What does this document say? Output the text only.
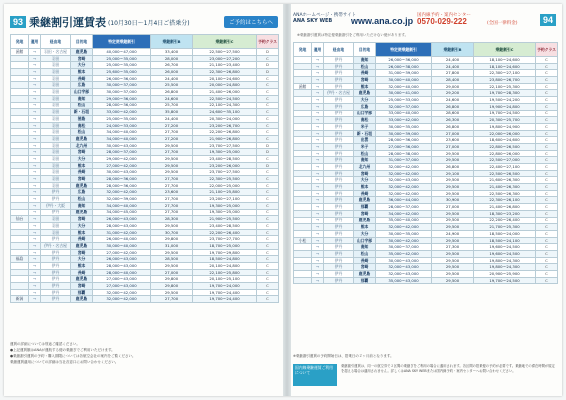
93 乗継割引運賃表 (10月30日～1月4日ご搭乗分)	ご予約はこちらへ
発地	適用	経由地	目的地	特定便乗継割引	乗継割引B	乗継割引C	予約クラス
函館	→	羽田・名古屋	鹿児島	40,000～47,000	33,400	22,500～27,500	D
	→	羽田	宮崎	25,000～35,000	28,000	23,000～27,200	C
	→	羽田	大分	25,000～35,000	26,700	21,100～23,400	D
	→	羽田	熊本	25,600～35,000	26,000	22,300～26,800	D
	→	羽田	長崎	26,000～36,000	24,400	20,100～24,600	C
	→	羽田	広島	30,000～37,000	25,500	20,000～24,800	C
	→	羽田	山口宇部	30,000～37,000	26,800	21,400～26,000	C
	→	羽田	高知	29,000～36,000	24,600	22,500～24,500	C
	→	羽田	松山	28,000～36,000	25,700	22,100～24,300	C
	→	羽田	新・石垣	33,000～42,000	35,800	24,600～35,100	C
	→	羽田	徳島	25,000～35,000	24,400	20,300～24,000	C
	→	羽田	高松	24,000～33,000	27,200	23,200～26,700	C
	→	羽田	松山	34,000～40,000	27,700	22,200～26,800	C
	→	羽田	鹿児島	34,000～40,000	27,200	21,900～26,800	C
	→	羽田	北九州	30,000～43,000	29,500	23,700～27,500	D
	→	羽田	宮崎	28,000～37,000	27,700	19,300～25,000	D
	→	羽田	大分	29,000～42,000	29,500	23,400～28,500	C
	→	羽田	熊本	27,000～42,000	29,500	23,200～26,000	D
	→	羽田	長崎	30,000～43,000	29,500	23,700～27,500	C
	→	羽田	宮崎	28,000～36,000	27,700	22,300～25,500	C
	→	羽田	鹿児島	28,000～36,000	27,700	22,000～25,000	C
	→	伊丹	広島	32,000～42,000	23,600	21,100～25,800	C
	→	伊丹	松山	32,000～39,000	27,700	23,200～27,100	C
	→	伊丹・大阪	高知	34,000～40,000	27,700	19,300～25,000	C
	→	伊丹	鹿児島	34,000～45,000	27,700	19,300～25,000	C
仙台	→	羽田	宮崎	26,000～43,000	28,300	21,900～25,500	C
	→	羽田	大分	28,000～43,000	29,500	23,400～28,500	C
	→	羽田	熊本	31,000～42,000	30,700	22,200～26,400	C
	→	伊丹	長崎	26,000～40,000	29,800	23,700～27,700	C
	→	伊丹・名古屋	鹿児島	30,000～40,000	31,000	18,700～25,000	C
	→	伊丹	宮崎	27,000～42,000	29,500	19,700～29,800	C
福島	→	伊丹	大分	26,000～43,000	28,500	18,500～24,800	C
	→	伊丹	熊本	28,000～43,000	29,500	20,100～24,800	C
	→	伊丹	長崎	28,000～40,000	27,000	22,100～25,800	C
	→	伊丹	鹿児島	27,000～43,000	29,800	20,100～25,100	C
	→	伊丹	宮崎	27,000～43,000	29,800	19,700～24,000	C
	→	伊丹	那覇	32,000～42,000	29,500	19,700～24,400	C
新潟	→	伊丹	鹿児島	32,000～42,000	27,700	19,700～24,400	C
運賃の詳細については別途ご確認ください。
●上記運賃額はANAが運航する便の乗継ぎでご利用いただけます。
●乗継割引運賃の予約・購入期限については各航空会社の案内をご覧ください。
乗継運賃適用についての詳細は当社各窓口にお問い合わせください。
ANAホームページ・携帯サイト
ANA SKY WEB www.ana.co.jp
国内線予約・案内センター
0570-029-222	(全国一律料金)	94
※乗継割引運賃は特定便乗継割引をご利用いただけない便があります。
発地	適用	経由地	目的地	特定便乗継割引	乗継割引B	乗継割引C	予約クラス
	→	伊丹	高知	26,000～36,000	24,400	18,100～24,600	C
	→	伊丹	松山	26,000～38,000	24,400	18,100～24,600	C
	→	伊丹	長崎	31,000～39,000	27,800	22,300～27,100	C
	→	伊丹	宮崎	30,000～40,000	28,400	23,800～26,700	C
函館	→	伊丹	熊本	32,000～40,000	29,000	22,100～25,300	C
	→	伊丹・名古屋	鹿児島	30,000～41,000	29,200	19,700～28,300	C
	→	伊丹	大分	25,000～33,000	24,600	19,500～24,200	C
	→	伊丹	広島	32,000～37,000	26,800	19,900～24,800	C
	→	伊丹	山口宇部	33,000～40,000	28,600	19,700～24,500	C
	→	伊丹	高松	33,000～42,000	26,300	20,300～25,700	C
	→	伊丹	米子	30,000～35,000	26,800	19,800～24,900	C
	→	伊丹	新・石垣	30,000～39,000	27,000	22,000～26,000	C
	→	伊丹	出雲	28,000～36,000	23,600	18,600～24,600	C
	→	伊丹	米子	27,000～36,000	27,000	22,800～26,500	C
	→	伊丹	松山	28,000～38,000	29,500	22,800～26,000	C
	→	伊丹	高知	31,000～37,000	29,500	22,500～27,000	C
	→	伊丹	北九州	32,000～42,000	26,800	22,400～27,100	C
	→	伊丹	宮崎	32,000～42,000	29,100	22,500～26,500	C
	→	伊丹	大分	32,000～43,000	29,500	21,600～26,300	C
	→	伊丹	熊本	32,000～42,000	29,500	21,400～26,300	C
	→	伊丹	長崎	32,000～42,000	29,500	22,500～26,300	C
	→	伊丹	鹿児島	36,000～44,000	30,900	22,300～26,100	C
	→	伊丹	那覇	28,000～37,000	27,000	21,400～26,800	C
	→	伊丹	宮崎	34,000～42,000	29,500	18,300～23,200	C
	→	伊丹	鹿児島	35,000～40,000	29,500	22,200～26,400	C
	→	伊丹	熊本	32,000～42,000	29,500	21,700～25,300	C
	→	伊丹	大分	30,000～35,000	24,900	18,500～24,000	C
小松	→	伊丹	山口宇部	30,000～42,000	29,500	18,500～24,100	C
	→	伊丹	高知	30,000～37,000	27,300	19,600～24,500	C
	→	伊丹	松山	35,000～42,000	29,500	19,600～24,500	C
	→	伊丹	長崎	30,000～43,000	29,500	19,800～24,300	C
	→	伊丹	宮崎	32,000～43,000	29,500	19,800～24,300	C
	→	伊丹	鹿児島	32,000～43,000	29,500	20,900～25,900	C
	→	伊丹	那覇	35,000～43,000	29,500	19,700～24,500	C
※乗継割引運賃の予約開始日は、搭乗日の２ヶ月前となります。
国内線乗継運賃ご利用について
乗継割引運賃は、同一の航空券で２区間の乗継ぎをご利用の場合に適用されます。各区間の搭乗便の予約が必要です。乗継地での滞在時間が規定を超える場合は適用されません。詳しくはANA SKY WEBまたは国内線予約・案内センターへお問い合わせください。
